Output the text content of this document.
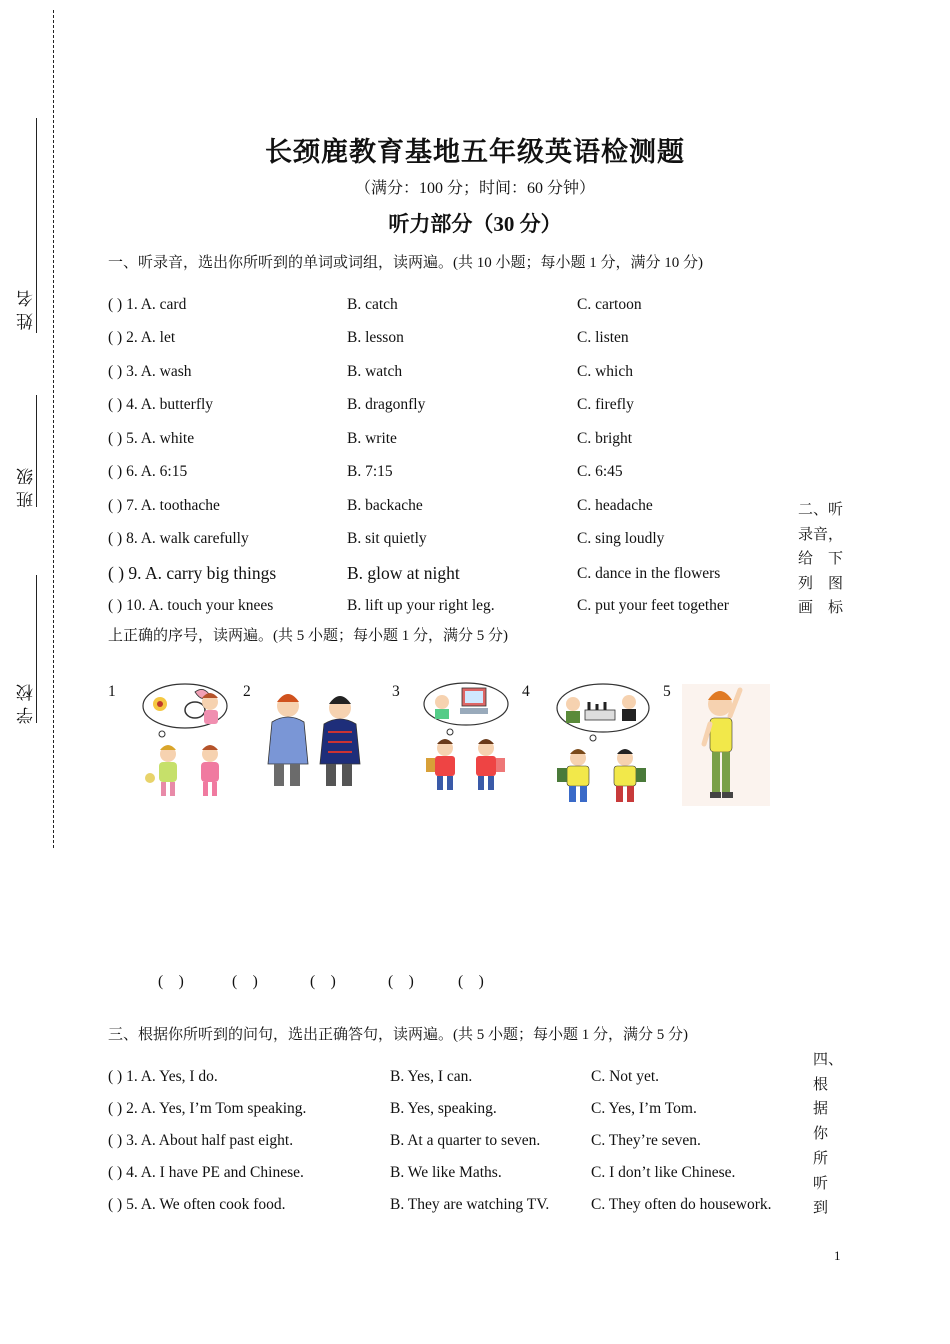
姓名
班级
学校
长颈鹿教育基地五年级英语检测题
（满分：100 分；时间：60 分钟）
听力部分（30 分）
一、听录音，选出你所听到的单词或词组，读两遍。(共 10 小题；每小题 1 分，满分 10 分)
( ) 1. A. card	B. catch	C. cartoon
( ) 2. A. let	B. lesson	C. listen
( ) 3. A. wash	B. watch	C. which
( ) 4. A. butterfly	B. dragonfly	C. firefly
( ) 5. A. white	B. write	C. bright
( ) 6. A. 6:15	B. 7:15	C. 6:45
( ) 7. A. toothache	B. backache	C. headache
( ) 8. A. walk carefully	B. sit quietly	C. sing loudly
( ) 9. A. carry big things	B. glow at night	C. dance in the flowers
( ) 10. A. touch your knees	B. lift up your right leg.	C. put your feet together
二、听
录音，
给　下
列　图
画　标
上正确的序号，读两遍。(共 5 小题；每小题 1 分，满分 5 分)
1	2	3	4	5
(    )	(    )	(    )	(    )	(    )
三、根据你所听到的问句，选出正确答句，读两遍。(共 5 小题；每小题 1 分，满分 5 分)
( ) 1. A. Yes, I do.	B. Yes, I can.	C. Not yet.
( ) 2. A. Yes, I’m Tom speaking.	B. Yes, speaking.	C. Yes, I’m Tom.
( ) 3. A. About half past eight.	B. At a quarter to seven.	C. They’re seven.
( ) 4. A. I have PE and Chinese.	B. We like Maths.	C. I don’t like Chinese.
( ) 5. A. We often cook food.	B. They are watching TV.	C. They often do housework.
四、
根
据
你
所
听
到
1
